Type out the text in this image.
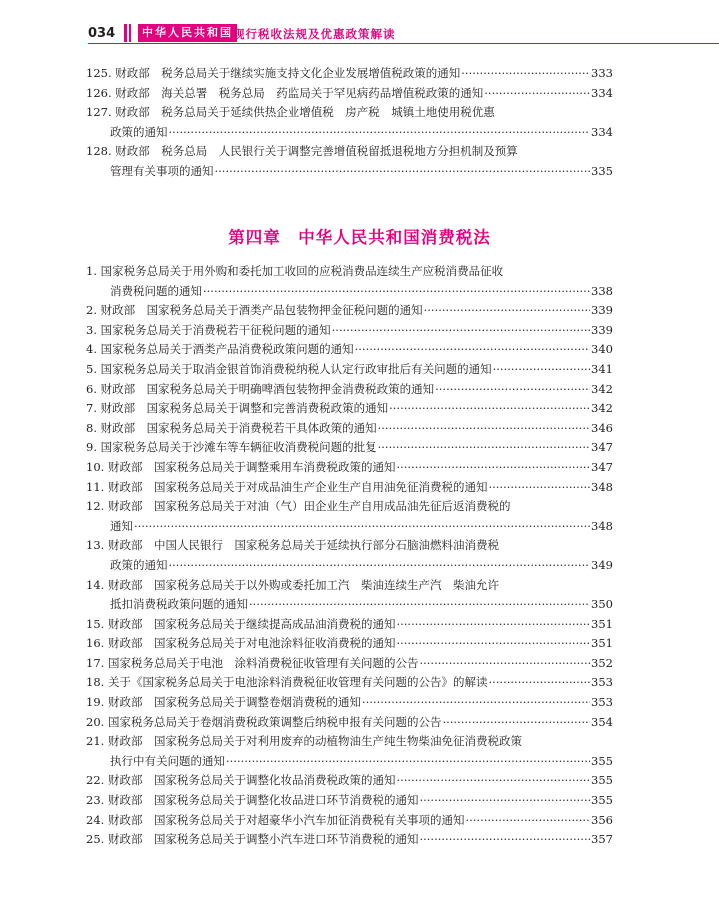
034	中华人民共和国 现行税收法规及优惠政策解读
125. 财政部　税务总局关于继续实施支持文化企业发展增值税政策的通知 ·····	333
126. 财政部　海关总署　税务总局　药监局关于罕见病药品增值税政策的通知 ·····	334
127. 财政部　税务总局关于延续供热企业增值税　房产税　城镇土地使用税优惠
政策的通知 ·····	334
128. 财政部　税务总局　人民银行关于调整完善增值税留抵退税地方分担机制及预算
管理有关事项的通知 ·····	335
第四章　中华人民共和国消费税法
1. 国家税务总局关于用外购和委托加工收回的应税消费品连续生产应税消费品征收
消费税问题的通知 ·····	338
2. 财政部　国家税务总局关于酒类产品包装物押金征税问题的通知 ·····	339
3. 国家税务总局关于消费税若干征税问题的通知 ·····	339
4. 国家税务总局关于酒类产品消费税政策问题的通知 ·····	340
5. 国家税务总局关于取消金银首饰消费税纳税人认定行政审批后有关问题的通知 ·····	341
6. 财政部　国家税务总局关于明确啤酒包装物押金消费税政策的通知 ·····	342
7. 财政部　国家税务总局关于调整和完善消费税政策的通知 ·····	342
8. 财政部　国家税务总局关于消费税若干具体政策的通知 ·····	346
9. 国家税务总局关于沙滩车等车辆征收消费税问题的批复 ·····	347
10. 财政部　国家税务总局关于调整乘用车消费税政策的通知 ·····	347
11. 财政部　国家税务总局关于对成品油生产企业生产自用油免征消费税的通知 ·····	348
12. 财政部　国家税务总局关于对油（气）田企业生产自用成品油先征后返消费税的
通知 ·····	348
13. 财政部　中国人民银行　国家税务总局关于延续执行部分石脑油燃料油消费税
政策的通知 ·····	349
14. 财政部　国家税务总局关于以外购或委托加工汽　柴油连续生产汽　柴油允许
抵扣消费税政策问题的通知 ·····	350
15. 财政部　国家税务总局关于继续提高成品油消费税的通知 ·····	351
16. 财政部　国家税务总局关于对电池涂料征收消费税的通知 ·····	351
17. 国家税务总局关于电池　涂料消费税征收管理有关问题的公告 ·····	352
18. 关于《国家税务总局关于电池涂料消费税征收管理有关问题的公告》的解读 ·····	353
19. 财政部　国家税务总局关于调整卷烟消费税的通知 ·····	353
20. 国家税务总局关于卷烟消费税政策调整后纳税申报有关问题的公告 ·····	354
21. 财政部　国家税务总局关于对利用废弃的动植物油生产纯生物柴油免征消费税政策
执行中有关问题的通知 ·····	355
22. 财政部　国家税务总局关于调整化妆品消费税政策的通知 ·····	355
23. 财政部　国家税务总局关于调整化妆品进口环节消费税的通知 ·····	355
24. 财政部　国家税务总局关于对超豪华小汽车加征消费税有关事项的通知 ·····	356
25. 财政部　国家税务总局关于调整小汽车进口环节消费税的通知 ·····	357
